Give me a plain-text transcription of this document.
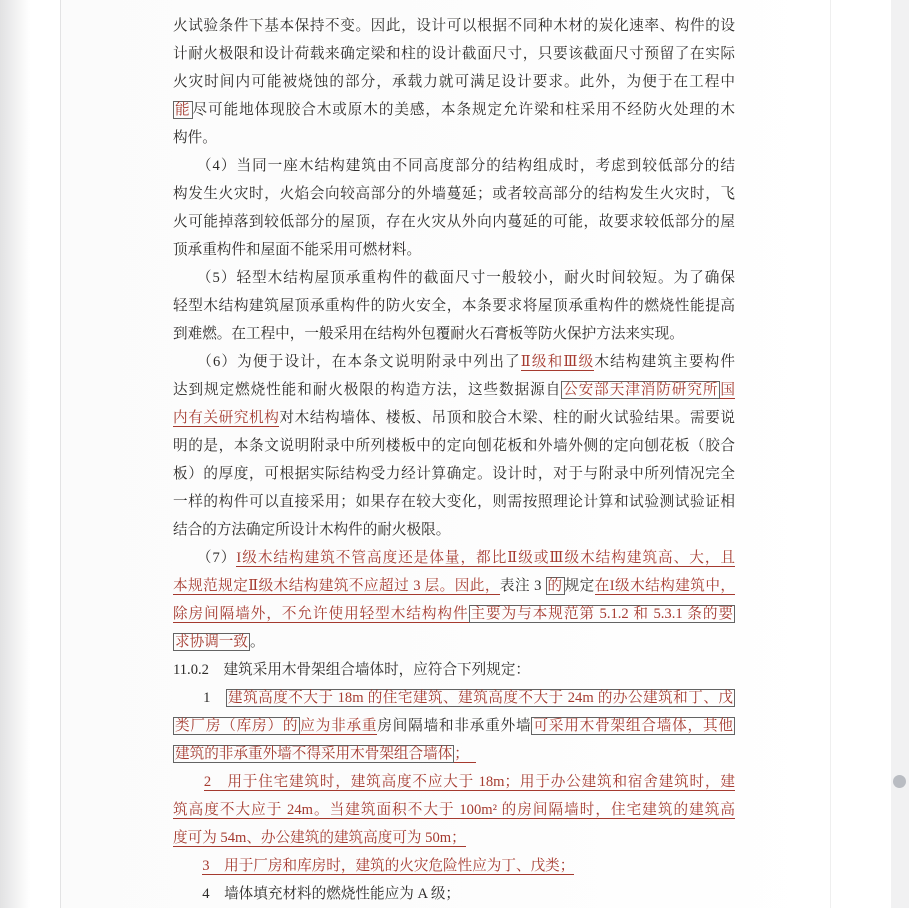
火试验条件下基本保持不变。因此，设计可以根据不同种木材的炭化速率、构件的设
计耐火极限和设计荷载来确定梁和柱的设计截面尺寸，只要该截面尺寸预留了在实际
火灾时间内可能被烧蚀的部分，承载力就可满足设计要求。此外，为便于在工程中
能 尽可能地体现胶合木或原木的美感，本条规定允许梁和柱采用不经防火处理的木
构件。
　　（4）当同一座木结构建筑由不同高度部分的结构组成时，考虑到较低部分的结
构发生火灾时，火焰会向较高部分的外墙蔓延；或者较高部分的结构发生火灾时，飞
火可能掉落到较低部分的屋顶，存在火灾从外向内蔓延的可能，故要求较低部分的屋
顶承重构件和屋面不能采用可燃材料。
　　（5）轻型木结构屋顶承重构件的截面尺寸一般较小，耐火时间较短。为了确保
轻型木结构建筑屋顶承重构件的防火安全，本条要求将屋顶承重构件的燃烧性能提高
到难燃。在工程中，一般采用在结构外包覆耐火石膏板等防火保护方法来实现。
　　（6）为便于设计，在本条文说明附录中列出了Ⅱ级和Ⅲ级木结构建筑主要构件
达到规定燃烧性能和耐火极限的构造方法，这些数据源自 公安部天津消防研究所 国
内有关研究机构对木结构墙体、楼板、吊顶和胶合木梁、柱的耐火试验结果。需要说
明的是，本条文说明附录中所列楼板中的定向刨花板和外墙外侧的定向刨花板（胶合
板）的厚度，可根据实际结构受力经计算确定。设计时，对于与附录中所列情况完全
一样的构件可以直接采用；如果存在较大变化，则需按照理论计算和试验测试验证相
结合的方法确定所设计木构件的耐火极限。
　　（7）I级木结构建筑不管高度还是体量，都比Ⅱ级或Ⅲ级木结构建筑高、大，且
本规范规定Ⅱ级木结构建筑不应超过 3 层。因此，表注 3 的 规定在I级木结构建筑中，
除房间隔墙外，不允许使用轻型木结构构件 主要为与本规范第 5.1.2 和 5.3.1 条的要
求协调一致 。
11.0.2　建筑采用木骨架组合墙体时，应符合下列规定：
　　1　建筑高度不大于 18m 的住宅建筑、建筑高度不大于 24m 的办公建筑和丁、戊
类厂房（库房）的 应为非承重房间隔墙和非承重外墙 可采用木骨架组合墙体，其他
建筑的非承重外墙不得采用木骨架组合墙体 ；　
　　2　用于住宅建筑时，建筑高度不应大于 18m；用于办公建筑和宿舍建筑时，建
筑高度不大应于 24m。当建筑面积不大于 100m² 的房间隔墙时，住宅建筑的建筑高
度可为 54m、办公建筑的建筑高度可为 50m；
　　3　用于厂房和库房时，建筑的火灾危险性应为丁、戊类；
　　4　墙体填充材料的燃烧性能应为 A 级；
